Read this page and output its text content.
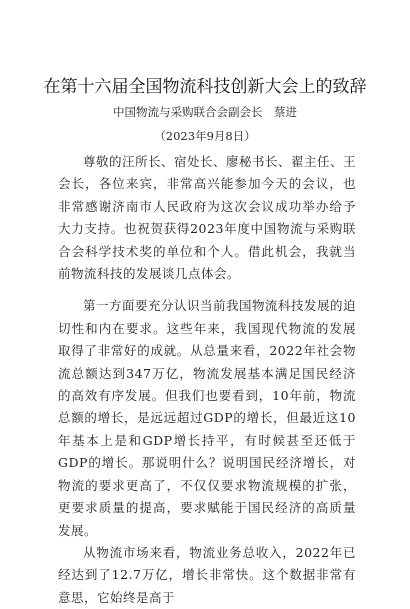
在第十六届全国物流科技创新大会上的致辞
中国物流与采购联合会副会长　蔡进
（2023年9月8日）

尊敬的汪所长、宿处长、廖秘书长、翟主任、王会长，各位来宾，非常高兴能参加今天的会议，也非常感谢济南市人民政府为这次会议成功举办给予大力支持。也祝贺获得2023年度中国物流与采购联合会科学技术奖的单位和个人。借此机会，我就当前物流科技的发展谈几点体会。

第一方面要充分认识当前我国物流科技发展的迫切性和内在要求。这些年来，我国现代物流的发展取得了非常好的成就。从总量来看，2022年社会物流总额达到347万亿，物流发展基本满足国民经济的高效有序发展。但我们也要看到，10年前，物流总额的增长，是远远超过GDP的增长，但最近这10年基本上是和GDP增长持平，有时候甚至还低于GDP的增长。那说明什么？说明国民经济增长，对物流的要求更高了，不仅仅要求物流规模的扩张，更要求质量的提高，要求赋能于国民经济的高质量发展。

从物流市场来看，物流业务总收入，2022年已经达到了12.7万亿，增长非常快。这个数据非常有意思，它始终是高于
